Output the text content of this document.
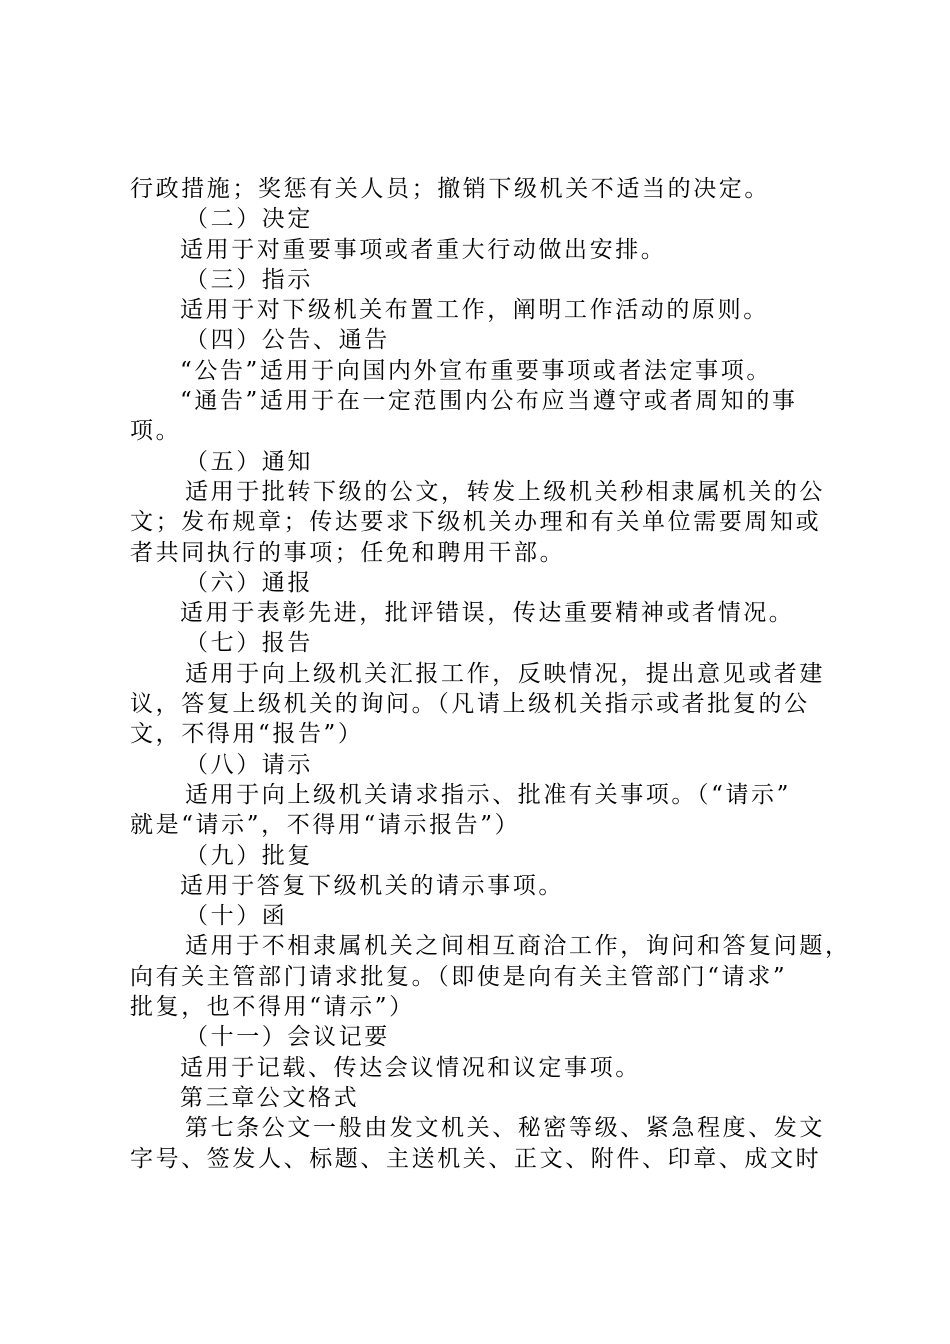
行政措施；奖惩有关人员；撤销下级机关不适当的决定。
（二）决定
适用于对重要事项或者重大行动做出安排。
（三）指示
适用于对下级机关布置工作，阐明工作活动的原则。
（四）公告、通告
“公告”适用于向国内外宣布重要事项或者法定事项。
“通告”适用于在一定范围内公布应当遵守或者周知的事
项。
（五）通知
适用于批转下级的公文，转发上级机关秒相隶属机关的公
文；发布规章；传达要求下级机关办理和有关单位需要周知或
者共同执行的事项；任免和聘用干部。
（六）通报
适用于表彰先进，批评错误，传达重要精神或者情况。
（七）报告
适用于向上级机关汇报工作，反映情况，提出意见或者建
议，答复上级机关的询问。（凡请上级机关指示或者批复的公
文，不得用“报告”）
（八）请示
适用于向上级机关请求指示、批准有关事项。（“请示”
就是“请示”，不得用“请示报告”）
（九）批复
适用于答复下级机关的请示事项。
（十）函
适用于不相隶属机关之间相互商洽工作，询问和答复问题，
向有关主管部门请求批复。（即使是向有关主管部门“请求”
批复，也不得用“请示”）
（十一）会议记要
适用于记载、传达会议情况和议定事项。
第三章公文格式
第七条公文一般由发文机关、秘密等级、紧急程度、发文
字号、签发人、标题、主送机关、正文、附件、印章、成文时
